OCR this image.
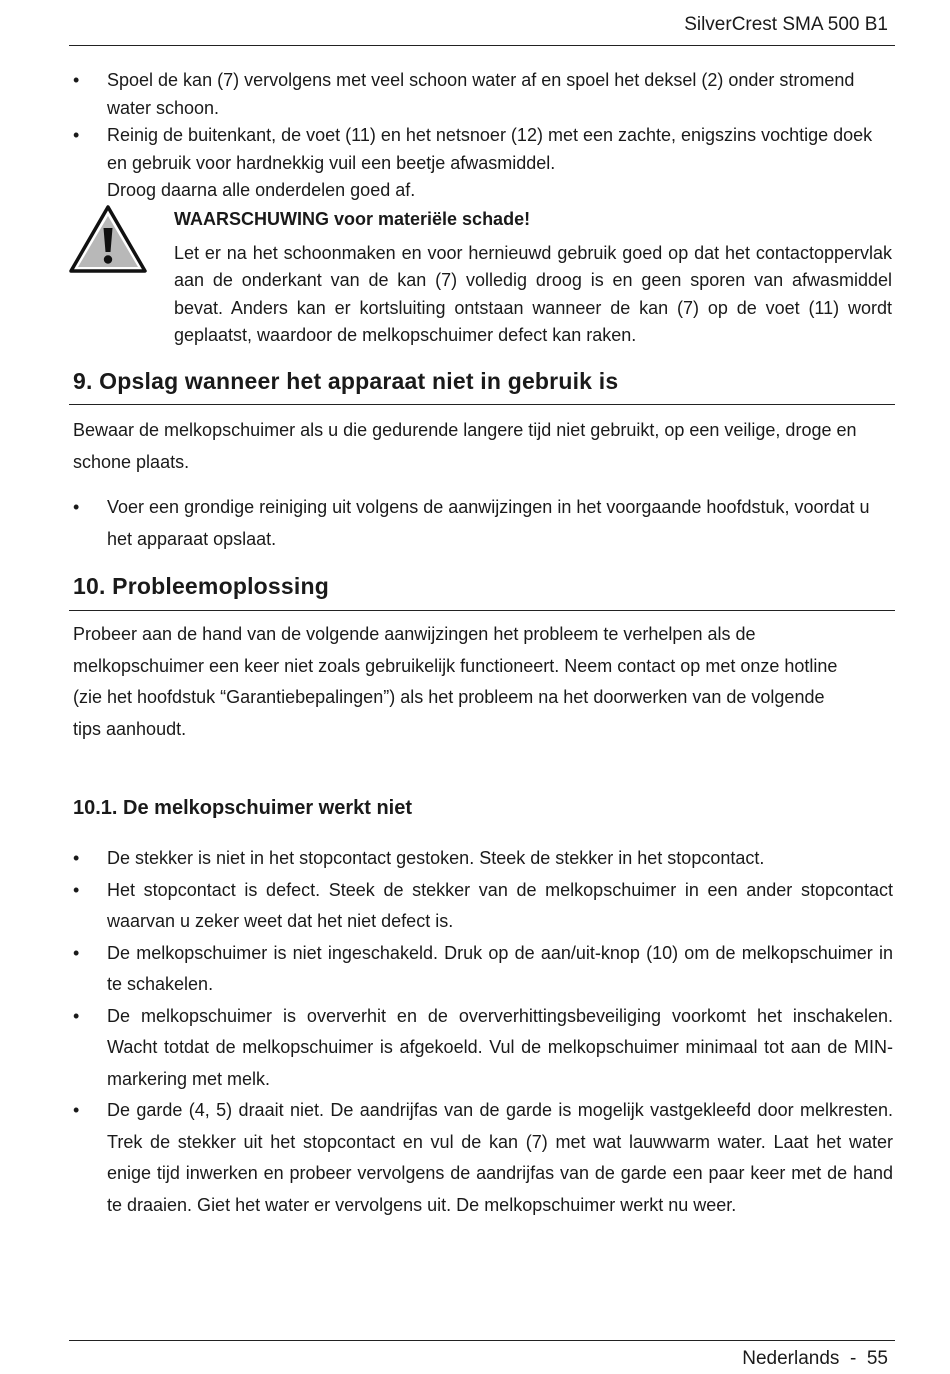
SilverCrest SMA 500 B1
• Spoel de kan (7) vervolgens met veel schoon water af en spoel het deksel (2) onder stromend water schoon.
• Reinig de buitenkant, de voet (11) en het netsnoer (12) met een zachte, enigszins vochtige doek en gebruik voor hardnekkig vuil een beetje afwasmiddel.

Droog daarna alle onderdelen goed af.

WAARSCHUWING voor materiële schade!
Let er na het schoonmaken en voor hernieuwd gebruik goed op dat het contactoppervlak aan de onderkant van de kan (7) volledig droog is en geen sporen van afwasmiddel bevat. Anders kan er kortsluiting ontstaan wanneer de kan (7) op de voet (11) wordt geplaatst, waardoor de melkopschuimer defect kan raken.
9. Opslag wanneer het apparaat niet in gebruik is

Bewaar de melkopschuimer als u die gedurende langere tijd niet gebruikt, op een veilige, droge en schone plaats.

• Voer een grondige reiniging uit volgens de aanwijzingen in het voorgaande hoofdstuk, voordat u het apparaat opslaat.
10. Probleemoplossing
Probeer aan de hand van de volgende aanwijzingen het probleem te verhelpen als de
melkopschuimer een keer niet zoals gebruikelijk functioneert. Neem contact op met onze hotline
(zie het hoofdstuk “Garantiebepalingen”) als het probleem na het doorwerken van de volgende
tips aanhoudt.
10.1. De melkopschuimer werkt niet
• De stekker is niet in het stopcontact gestoken. Steek de stekker in het stopcontact.
• Het stopcontact is defect. Steek de stekker van de melkopschuimer in een ander stopcontact waarvan u zeker weet dat het niet defect is.
• De melkopschuimer is niet ingeschakeld. Druk op de aan/uit-knop (10) om de melkopschuimer in te schakelen.
• De melkopschuimer is oververhit en de oververhittingsbeveiliging voorkomt het inschakelen. Wacht totdat de melkopschuimer is afgekoeld. Vul de melkopschuimer minimaal tot aan de MIN-markering met melk.
• De garde (4, 5) draait niet. De aandrijfas van de garde is mogelijk vastgekleefd door melkresten. Trek de stekker uit het stopcontact en vul de kan (7) met wat lauwwarm water. Laat het water enige tijd inwerken en probeer vervolgens de aandrijfas van de garde een paar keer met de hand te draaien. Giet het water er vervolgens uit. De melkopschuimer werkt nu weer.
Nederlands  -  55
